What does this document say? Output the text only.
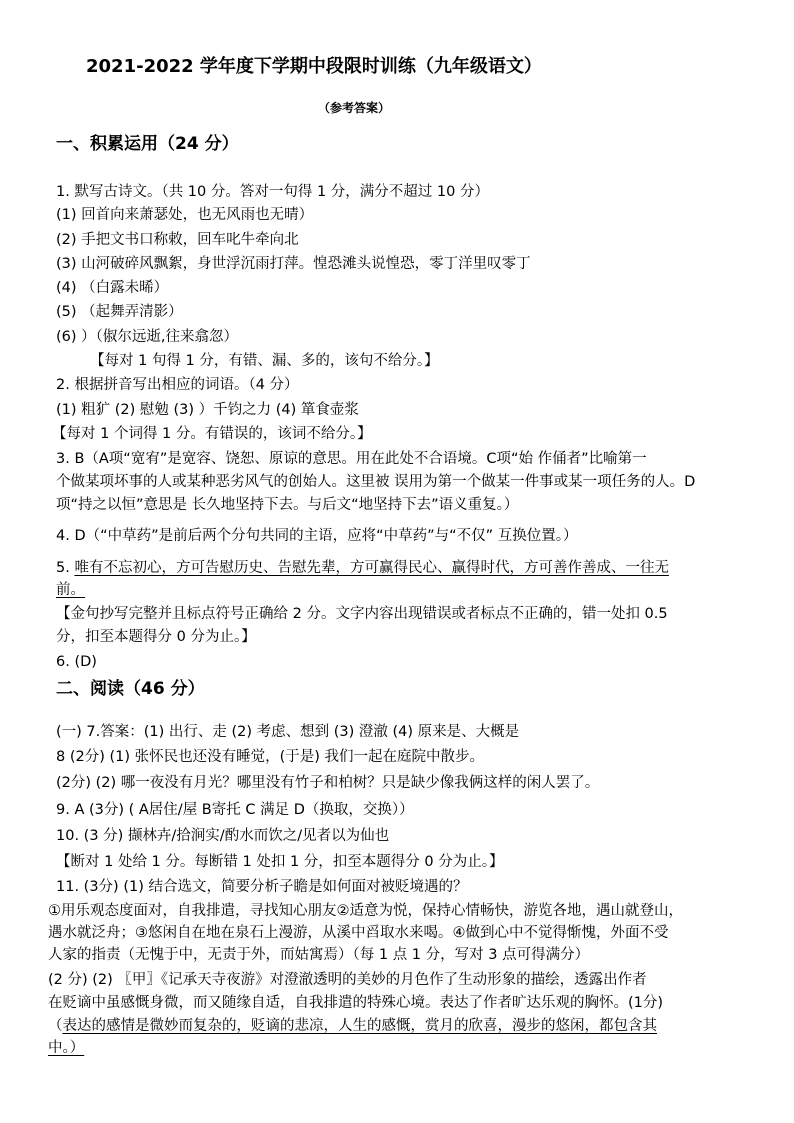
2021-2022 学年度下学期中段限时训练（九年级语文）
（参考答案）
一、积累运用（24 分）
1. 默写古诗文。（共 10 分。答对一句得 1 分，满分不超过 10 分）
(1) 回首向来萧瑟处，也无风雨也无晴）
(2) 手把文书口称敕，回车叱牛牵向北
(3) 山河破碎风飘絮，身世浮沉雨打萍。惶恐滩头说惶恐，零丁洋里叹零丁
(4) （白露未晞）
(5) （起舞弄清影）
(6) ）（俶尔远逝,往来翕忽）
【每对 1 句得 1 分，有错、漏、多的，该句不给分。】
2. 根据拼音写出相应的词语。（4 分）
(1) 粗犷 (2) 慰勉 (3) ）千钧之力 (4) 箪食壶浆
【每对 1 个词得 1 分。有错误的，该词不给分。】
3. B（A项“宽宥”是宽容、饶恕、原谅的意思。用在此处不合语境。C项“始 作俑者”比喻第一
个做某项坏事的人或某种恶劣风气的创始人。这里被 误用为第一个做某一件事或某一项任务的人。D
项“持之以恒”意思是 长久地坚持下去。与后文“地坚持下去”语义重复。）
4. D（“中草药”是前后两个分句共同的主语，应将“中草药”与“不仅” 互换位置。）
5. 唯有不忘初心，方可告慰历史、告慰先辈，方可赢得民心、赢得时代，方可善作善成、一往无
前。
【金句抄写完整并且标点符号正确给 2 分。文字内容出现错误或者标点不正确的，错一处扣 0.5
分，扣至本题得分 0 分为止。】
6. (D)
二、阅读（46 分）
(一) 7.答案：(1) 出行、走 (2) 考虑、想到 (3) 澄澈 (4) 原来是、大概是
8 (2分) (1) 张怀民也还没有睡觉，(于是) 我们一起在庭院中散步。
(2分) (2) 哪一夜没有月光？哪里没有竹子和柏树？只是缺少像我俩这样的闲人罢了。
9. A (3分) ( A居住/屋 B寄托 C 满足 D（换取，交换））
10. (3 分) 撷林卉/拾涧实/酌水而饮之/见者以为仙也
【断对 1 处给 1 分。每断错 1 处扣 1 分，扣至本题得分 0 分为止。】
11. (3分) (1) 结合选文，简要分析子瞻是如何面对被贬境遇的？
①用乐观态度面对，自我排遣，寻找知心朋友②适意为悦，保持心情畅快，游览各地，遇山就登山，
遇水就泛舟；③悠闲自在地在泉石上漫游，从溪中舀取水来喝。④做到心中不觉得惭愧，外面不受
人家的指责（无愧于中，无责于外，而姑寓焉）（每 1 点 1 分，写对 3 点可得满分）
(2 分) (2) 〖甲〗《记承天寺夜游》对澄澈透明的美妙的月色作了生动形象的描绘，透露出作者
在贬谪中虽感慨身微，而又随缘自适，自我排遣的特殊心境。表达了作者旷达乐观的胸怀。(1分)
（表达的感情是微妙而复杂的，贬谪的悲凉，人生的感慨，赏月的欣喜，漫步的悠闲，都包含其
中。）
